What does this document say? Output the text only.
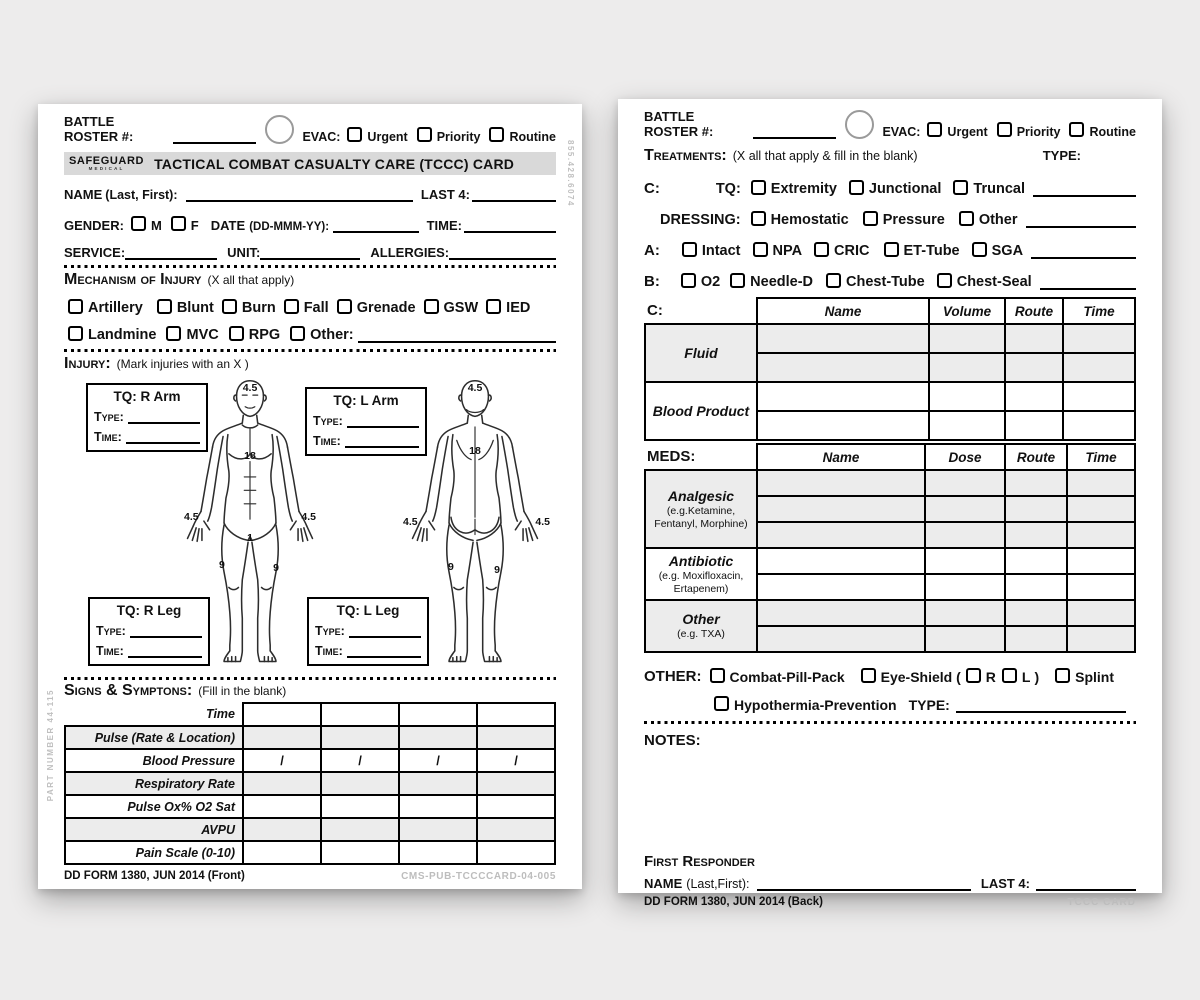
BATTLE ROSTER #:	EVAC: Urgent Priority Routine
SAFEGUARD
MEDICAL	TACTICAL COMBAT CASUALTY CARE (TCCC) CARD
NAME (Last, First):	LAST 4:
GENDER: M F DATE (DD-MMM-YY):	TIME:
SERVICE:	UNIT:	ALLERGIES:
Mechanism of Injury (X all that apply)
Artillery Blunt Burn Fall Grenade GSW IED
Landmine MVC RPG Other:
Injury: (Mark injuries with an X )
4.5
18
4.5	4.5
1
9	9
4.5
18
4.5	4.5
9	9
TQ: R Arm
Type:
Time:
TQ: L Arm
Type:
Time:
TQ: R Leg
Type:
Time:
TQ: L Leg
Type:
Time:
Signs & Symptons: (Fill in the blank)
Time				
Pulse (Rate & Location)				
Blood Pressure	/	/	/	/
Respiratory Rate				
Pulse Ox% O2 Sat				
AVPU				
Pain Scale (0-10)				
DD FORM 1380, JUN 2014 (Front)	CMS-PUB-TCCCCARD-04-005
PART NUMBER 44-115
855.428.6074
BATTLE ROSTER #:	EVAC: Urgent Priority Routine
Treatments: (X all that apply & fill in the blank)	TYPE:
C:	TQ: Extremity Junctional Truncal
DRESSING: Hemostatic Pressure Other
A:	Intact NPA CRIC ET-Tube SGA
B:	O2 Needle-D Chest-Tube Chest-Seal
C:	Name	Volume	Route	Time
Fluid				

Blood Product				

MEDS:	Name	Dose	Route	Time

Analgesic
(e.g.Ketamine, Fentanyl, Morphine)				

Antibiotic
(e.g. Moxifloxacin, Ertapenem)				

Other
(e.g. TXA)				

OTHER: Combat-Pill-Pack	Eye-Shield ( R L )	Splint
Hypothermia-Prevention TYPE:
NOTES:
First Responder
NAME (Last,First):	LAST 4:
DD FORM 1380, JUN 2014 (Back)	TCCC CARD
